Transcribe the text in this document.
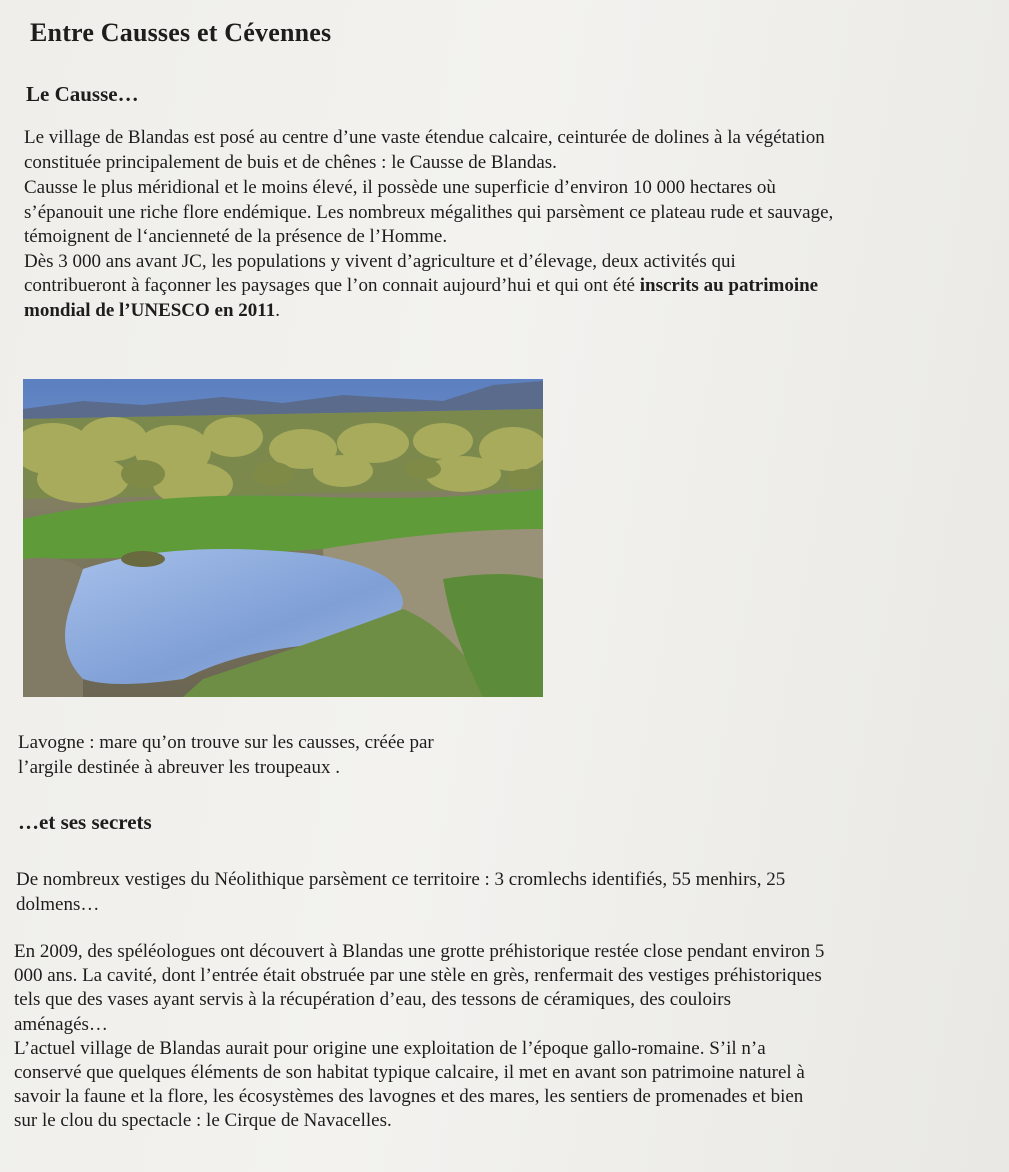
Entre Causses et Cévennes
Le Causse…

Le village de Blandas est posé au centre d’une vaste étendue calcaire, ceinturée de dolines à la végétation

constituée principalement de buis et de chênes : le Causse de Blandas.

Causse le plus méridional et le moins élevé, il possède une superficie d’environ 10 000 hectares où

s’épanouit une riche flore endémique. Les nombreux mégalithes qui parsèment ce plateau rude et sauvage,

témoignent de l‘ancienneté de la présence de l’Homme.

Dès 3 000 ans avant JC, les populations y vivent d’agriculture et d’élevage, deux activités qui

contribueront à façonner les paysages que l’on connait aujourd’hui et qui ont été inscrits au patrimoine

mondial de l’UNESCO en 2011.

Lavogne : mare qu’on trouve sur les causses, créée par
l’argile destinée à abreuver les troupeaux .
…et ses secrets

De nombreux vestiges du Néolithique parsèment ce territoire : 3 cromlechs identifiés, 55 menhirs, 25

dolmens…

En 2009, des spéléologues ont découvert à Blandas une grotte préhistorique restée close pendant environ 5

000 ans. La cavité, dont l’entrée était obstruée par une stèle en grès, renfermait des vestiges préhistoriques

tels que des vases ayant servis à la récupération d’eau, des tessons de céramiques, des couloirs

aménagés…

L’actuel village de Blandas aurait pour origine une exploitation de l’époque gallo-romaine. S’il n’a

conservé que quelques éléments de son habitat typique calcaire, il met en avant son patrimoine naturel à

savoir la faune et la flore, les écosystèmes des lavognes et des mares, les sentiers de promenades et bien

sur le clou du spectacle : le Cirque de Navacelles.
